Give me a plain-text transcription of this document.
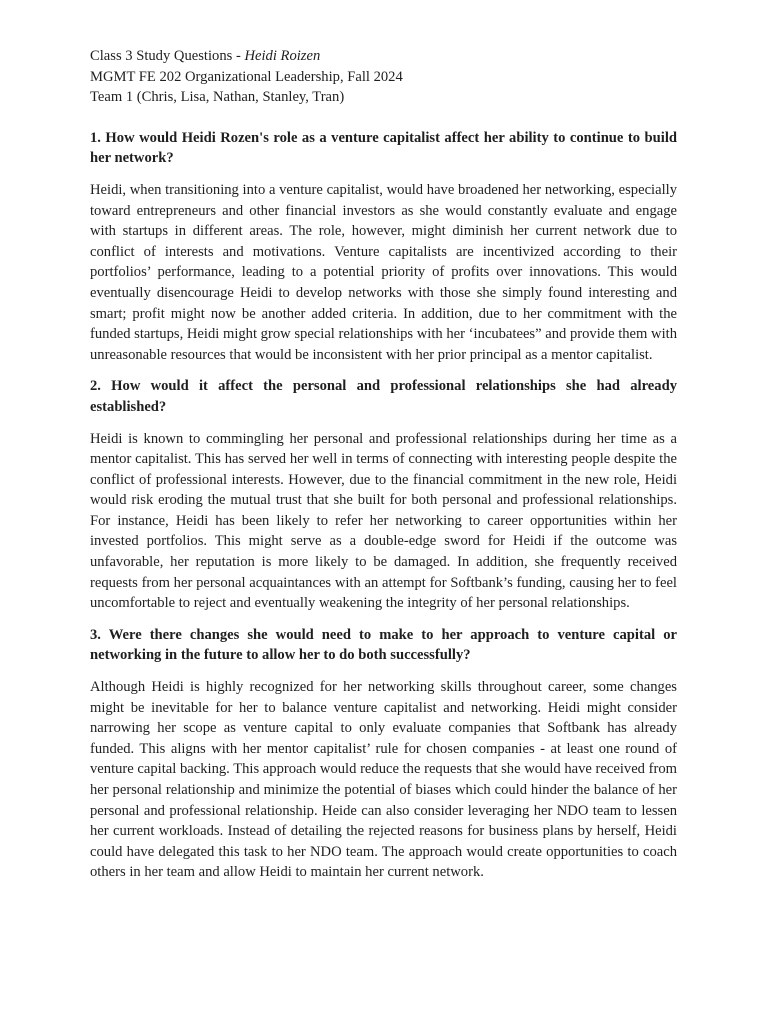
Class 3 Study Questions - Heidi Roizen

MGMT FE 202 Organizational Leadership, Fall 2024

Team 1 (Chris, Lisa, Nathan, Stanley, Tran)

1. How would Heidi Rozen's role as a venture capitalist affect her ability to continue to build her network?

Heidi, when transitioning into a venture capitalist, would have broadened her networking, especially toward entrepreneurs and other financial investors as she would constantly evaluate and engage with startups in different areas. The role, however, might diminish her current network due to conflict of interests and motivations. Venture capitalists are incentivized according to their portfolios’ performance, leading to a potential priority of profits over innovations. This would eventually disencourage Heidi to develop networks with those she simply found interesting and smart; profit might now be another added criteria. In addition, due to her commitment with the funded startups, Heidi might grow special relationships with her ‘incubatees” and provide them with unreasonable resources that would be inconsistent with her prior principal as a mentor capitalist.

2. How would it affect the personal and professional relationships she had already established?

Heidi is known to commingling her personal and professional relationships during her time as a mentor capitalist. This has served her well in terms of connecting with interesting people despite the conflict of professional interests. However, due to the financial commitment in the new role, Heidi would risk eroding the mutual trust that she built for both personal and professional relationships. For instance, Heidi has been likely to refer her networking to career opportunities within her invested portfolios. This might serve as a double-edge sword for Heidi if the outcome was unfavorable, her reputation is more likely to be damaged. In addition, she frequently received requests from her personal acquaintances with an attempt for Softbank’s funding, causing her to feel uncomfortable to reject and eventually weakening the integrity of her personal relationships.

3. Were there changes she would need to make to her approach to venture capital or networking in the future to allow her to do both successfully?

Although Heidi is highly recognized for her networking skills throughout career, some changes might be inevitable for her to balance venture capitalist and networking. Heidi might consider narrowing her scope as venture capital to only evaluate companies that Softbank has already funded. This aligns with her mentor capitalist’ rule for chosen companies - at least one round of venture capital backing. This approach would reduce the requests that she would have received from her personal relationship and minimize the potential of biases which could hinder the balance of her personal and professional relationship. Heide can also consider leveraging her NDO team to lessen her current workloads. Instead of detailing the rejected reasons for business plans by herself, Heidi could have delegated this task to her NDO team. The approach would create opportunities to coach others in her team and allow Heidi to maintain her current network.
